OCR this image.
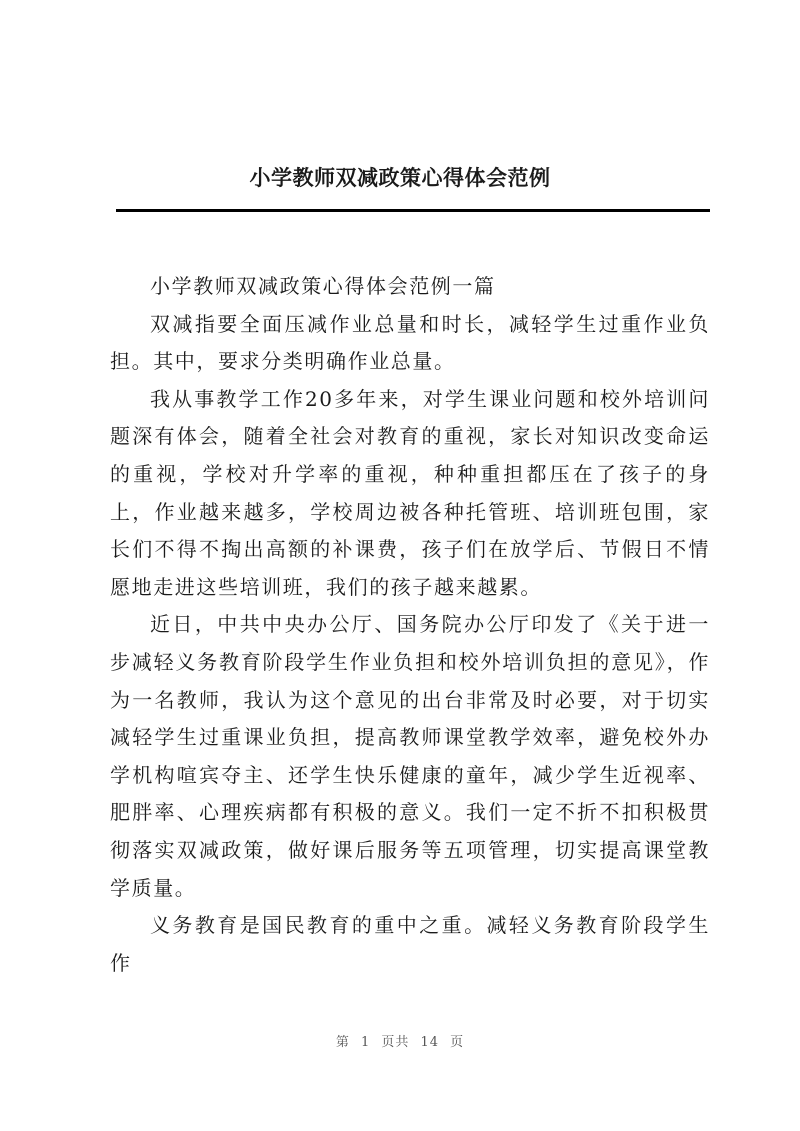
小学教师双减政策心得体会范例

小学教师双减政策心得体会范例一篇

双减指要全面压减作业总量和时长，减轻学生过重作业负担。其中，要求分类明确作业总量。

我从事教学工作20多年来，对学生课业问题和校外培训问题深有体会，随着全社会对教育的重视，家长对知识改变命运的重视，学校对升学率的重视，种种重担都压在了孩子的身上，作业越来越多，学校周边被各种托管班、培训班包围，家长们不得不掏出高额的补课费，孩子们在放学后、节假日不情愿地走进这些培训班，我们的孩子越来越累。

近日，中共中央办公厅、国务院办公厅印发了《关于进一步减轻义务教育阶段学生作业负担和校外培训负担的意见》，作为一名教师，我认为这个意见的出台非常及时必要，对于切实减轻学生过重课业负担，提高教师课堂教学效率，避免校外办学机构喧宾夺主、还学生快乐健康的童年，减少学生近视率、肥胖率、心理疾病都有积极的意义。我们一定不折不扣积极贯彻落实双减政策，做好课后服务等五项管理，切实提高课堂教学质量。

义务教育是国民教育的重中之重。减轻义务教育阶段学生作

第 1 页共 14 页
